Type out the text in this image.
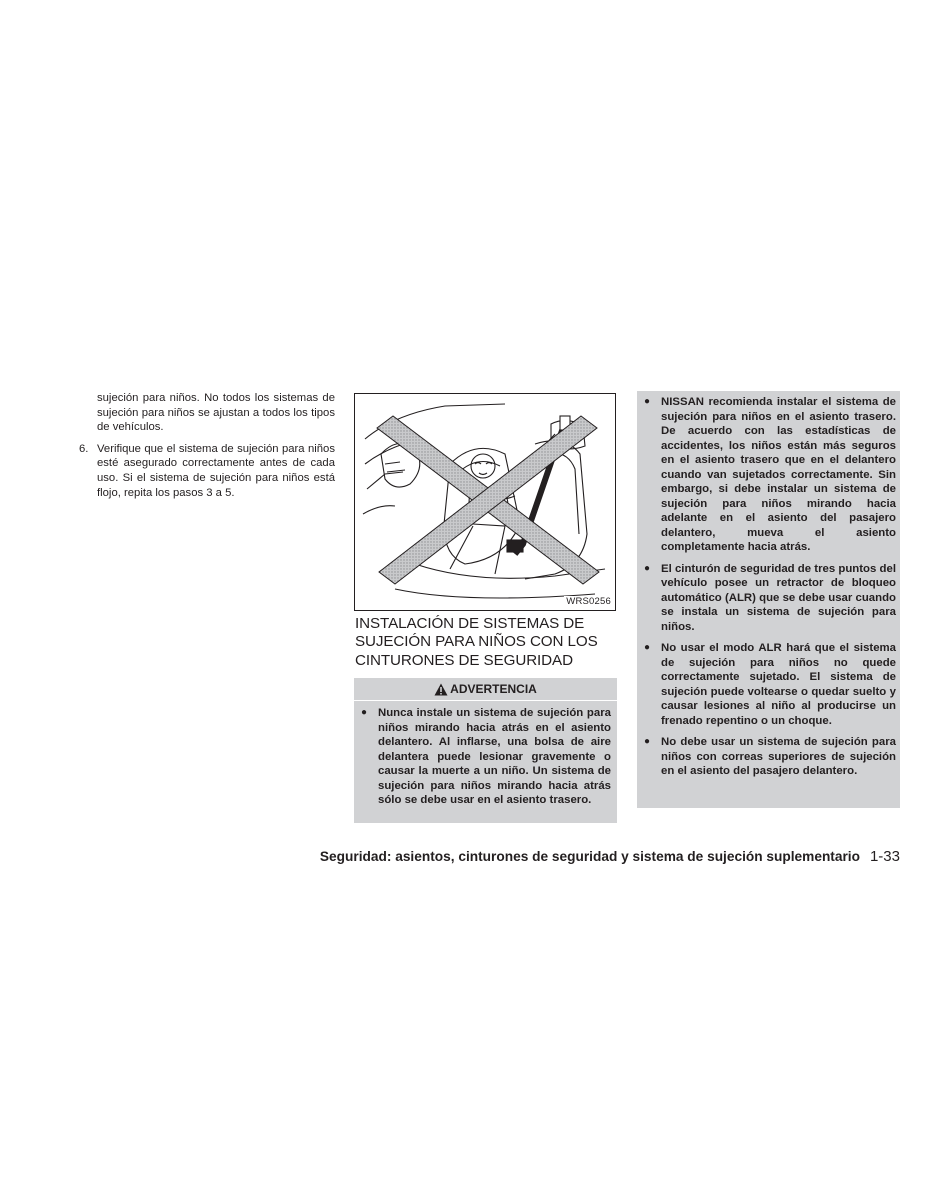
sujeción para niños. No todos los sistemas de sujeción para niños se ajustan a todos los tipos de vehículos.

6. Verifique que el sistema de sujeción para niños esté asegurado correctamente antes de cada uso. Si el sistema de sujeción para niños está flojo, repita los pasos 3 a 5.
WRS0256
INSTALACIÓN DE SISTEMAS DE SUJECIÓN PARA NIÑOS CON LOS CINTURONES DE SEGURIDAD
ADVERTENCIA
● Nunca instale un sistema de sujeción para niños mirando hacia atrás en el asiento delantero. Al inflarse, una bolsa de aire delantera puede lesionar gravemente o causar la muerte a un niño. Un sistema de sujeción para niños mirando hacia atrás sólo se debe usar en el asiento trasero.
● NISSAN recomienda instalar el sistema de sujeción para niños en el asiento trasero. De acuerdo con las estadísticas de accidentes, los niños están más seguros en el asiento trasero que en el delantero cuando van sujetados correctamente. Sin embargo, si debe instalar un sistema de sujeción para niños mirando hacia adelante en el asiento del pasajero delantero, mueva el asiento completamente hacia atrás.
● El cinturón de seguridad de tres puntos del vehículo posee un retractor de bloqueo automático (ALR) que se debe usar cuando se instala un sistema de sujeción para niños.
● No usar el modo ALR hará que el sistema de sujeción para niños no quede correctamente sujetado. El sistema de sujeción puede voltearse o quedar suelto y causar lesiones al niño al producirse un frenado repentino o un choque.
● No debe usar un sistema de sujeción para niños con correas superiores de sujeción en el asiento del pasajero delantero.
Seguridad: asientos, cinturones de seguridad y sistema de sujeción suplementario 1-33
